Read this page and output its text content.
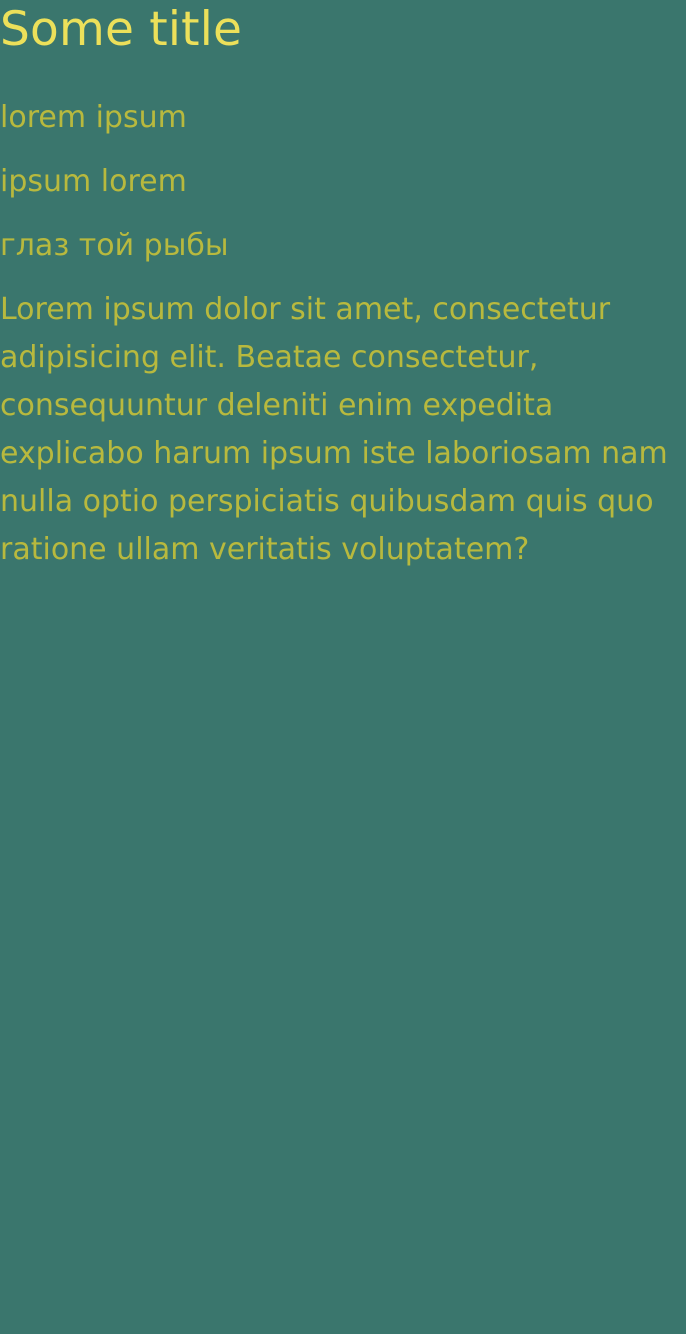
Some title

lorem ipsum

ipsum lorem

глаз той рыбы

Lorem ipsum dolor sit amet, consectetur adipisicing elit. Beatae consectetur, consequuntur deleniti enim expedita explicabo harum ipsum iste laboriosam nam nulla optio perspiciatis quibusdam quis quo ratione ullam veritatis voluptatem?
